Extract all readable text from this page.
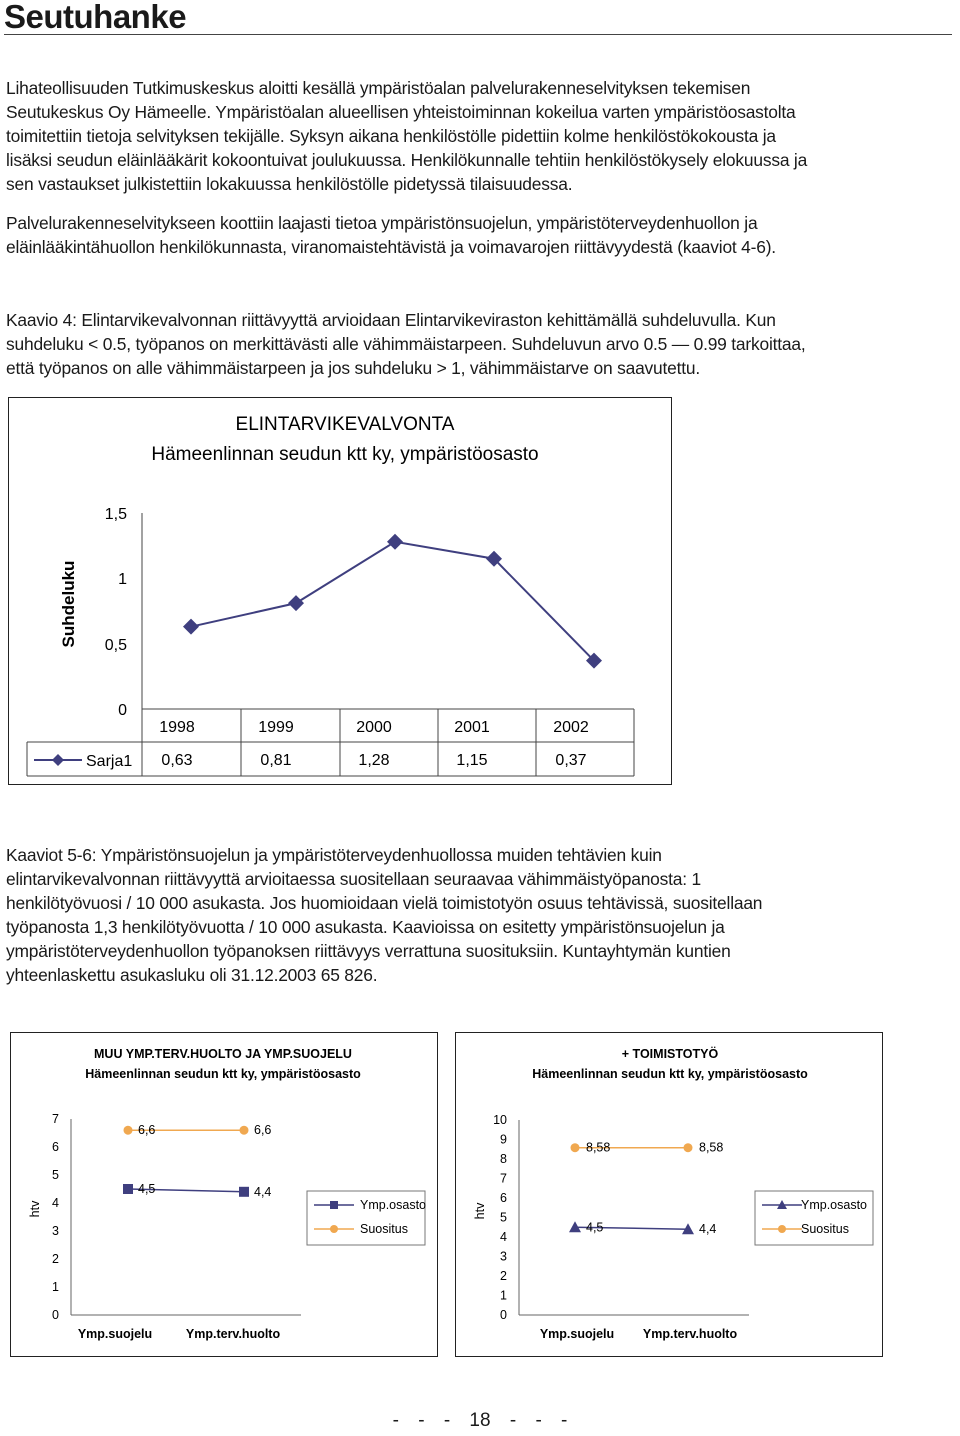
Seutuhanke

Lihateollisuuden Tutkimuskeskus aloitti kesällä ympäristöalan palvelurakenneselvityksen tekemisen
Seutukeskus Oy Hämeelle. Ympäristöalan alueellisen yhteistoiminnan kokeilua varten ympäristöosastolta
toimitettiin tietoja selvityksen tekijälle. Syksyn aikana henkilöstölle pidettiin kolme henkilöstökokousta ja
lisäksi seudun eläinlääkärit kokoontuivat joulukuussa. Henkilökunnalle tehtiin henkilöstökysely elokuussa ja
sen vastaukset julkistettiin lokakuussa henkilöstölle pidetyssä tilaisuudessa.

Palvelurakenneselvitykseen koottiin laajasti tietoa ympäristönsuojelun, ympäristöterveydenhuollon ja
eläinlääkintähuollon henkilökunnasta, viranomaistehtävistä ja voimavarojen riittävyydestä (kaaviot 4-6).

Kaavio 4: Elintarvikevalvonnan riittävyyttä arvioidaan Elintarvikeviraston kehittämällä suhdeluvulla. Kun
suhdeluku < 0.5, työpanos on merkittävästi alle vähimmäistarpeen. Suhdeluvun arvo 0.5 — 0.99 tarkoittaa,
että työpanos on alle vähimmäistarpeen ja jos suhdeluku > 1, vähimmäistarve on saavutettu.

ELINTARVIKEVALVONTA
Hämeenlinnan seudun ktt ky, ympäristöosasto
Suhdeluku
1,5
1
0,5
0
Sarja1
1998	1999	2000	2001	2002
0,63	0,81	1,28	1,15	0,37

Kaaviot 5-6: Ympäristönsuojelun ja ympäristöterveydenhuollossa muiden tehtävien kuin
elintarvikevalvonnan riittävyyttä arvioitaessa suositellaan seuraavaa vähimmäistyöpanosta: 1
henkilötyövuosi / 10 000 asukasta. Jos huomioidaan vielä toimistotyön osuus tehtävissä, suositellaan
työpanosta 1,3 henkilötyövuotta / 10 000 asukasta. Kaavioissa on esitetty ympäristönsuojelun ja
ympäristöterveydenhuollon työpanoksen riittävyys verrattuna suosituksiin. Kuntayhtymän kuntien
yhteenlaskettu asukasluku oli 31.12.2003 65 826.

MUU YMP.TERV.HUOLTO JA YMP.SUOJELU
Hämeenlinnan seudun ktt ky, ympäristöosasto
htv
0
1
2
3
4
5
6
7
4,5	4,4
6,6	6,6
Ymp.suojelu	Ymp.terv.huolto
Ymp.osasto
Suositus
+ TOIMISTOTYÖ
Hämeenlinnan seudun ktt ky, ympäristöosasto
htv
0
1
2
3
4
5
6
7
8
9
10
4,5	4,4
8,58	8,58
Ymp.suojelu Ymp.terv.huolto
Ymp.osasto
Suositus
- - - 18 - - -
